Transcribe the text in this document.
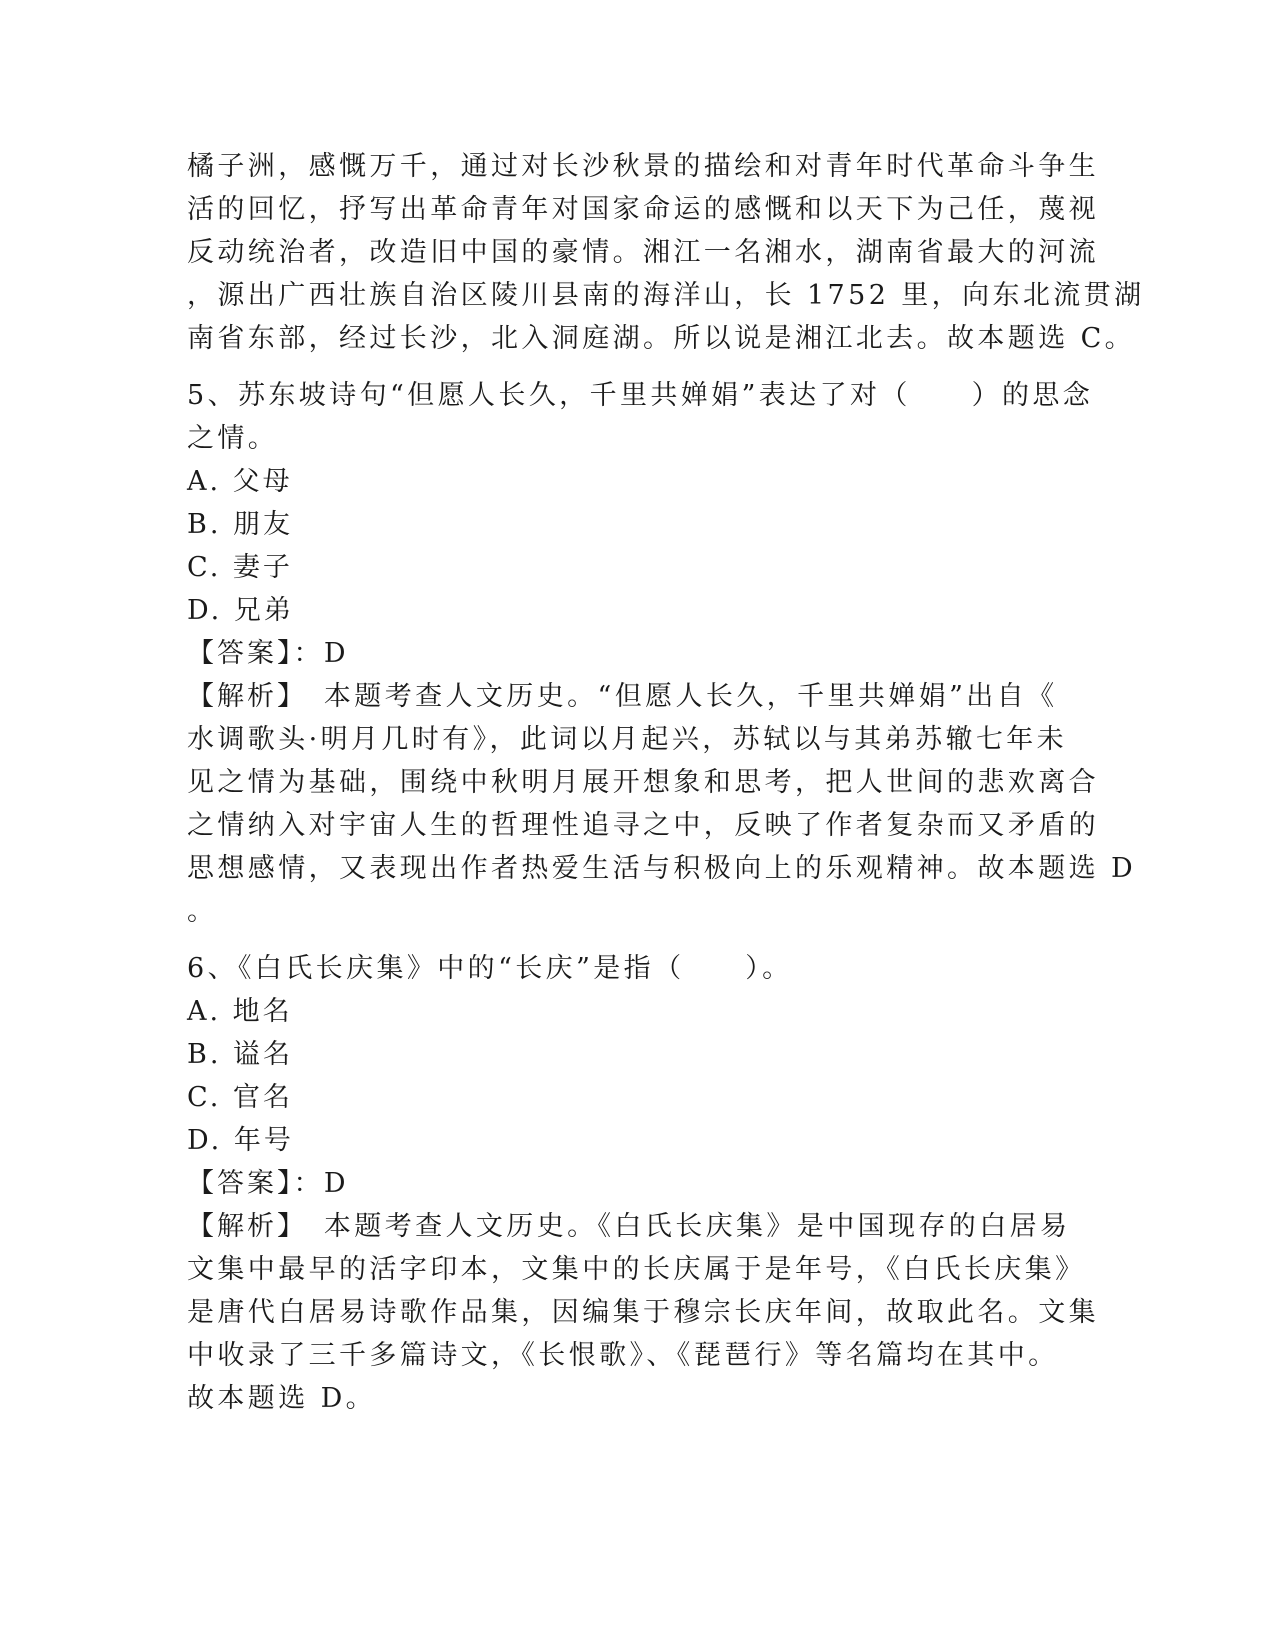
橘子洲，感慨万千，通过对长沙秋景的描绘和对青年时代革命斗争生
活的回忆，抒写出革命青年对国家命运的感慨和以天下为己任，蔑视
反动统治者，改造旧中国的豪情。湘江一名湘水，湖南省最大的河流
，源出广西壮族自治区陵川县南的海洋山，长 1752 里，向东北流贯湖
南省东部，经过长沙，北入洞庭湖。所以说是湘江北去。故本题选 C。
5、苏东坡诗句“但愿人长久，千里共婵娟”表达了对（　　）的思念
之情。
A. 父母
B. 朋友
C. 妻子
D. 兄弟
【答案】：D
【解析】　本题考查人文历史。“但愿人长久，千里共婵娟”出自《
水调歌头·明月几时有》，此词以月起兴，苏轼以与其弟苏辙七年未
见之情为基础，围绕中秋明月展开想象和思考，把人世间的悲欢离合
之情纳入对宇宙人生的哲理性追寻之中，反映了作者复杂而又矛盾的
思想感情，又表现出作者热爱生活与积极向上的乐观精神。故本题选 D
。
6、《白氏长庆集》中的“长庆”是指（　　）。
A. 地名
B. 谥名
C. 官名
D. 年号
【答案】：D
【解析】　本题考查人文历史。《白氏长庆集》是中国现存的白居易
文集中最早的活字印本，文集中的长庆属于是年号，《白氏长庆集》
是唐代白居易诗歌作品集，因编集于穆宗长庆年间，故取此名。文集
中收录了三千多篇诗文，《长恨歌》、《琵琶行》等名篇均在其中。
故本题选 D。
